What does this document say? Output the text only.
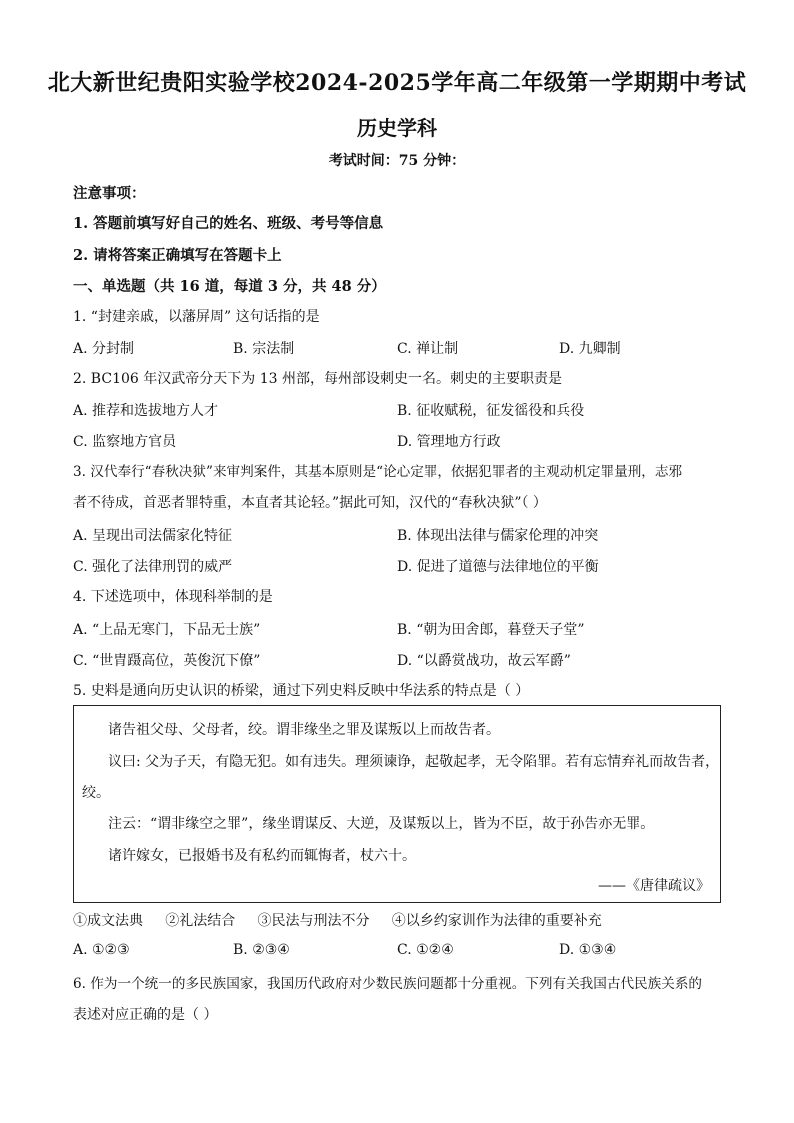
北大新世纪贵阳实验学校2024-2025学年高二年级第一学期期中考试
历史学科
考试时间：75 分钟：
注意事项：
1. 答题前填写好自己的姓名、班级、考号等信息
2. 请将答案正确填写在答题卡上
一、单选题（共 16 道，每道 3 分，共 48 分）
1. “封建亲戚，以藩屏周” 这句话指的是
A. 分封制	B. 宗法制	C. 禅让制	D. 九卿制
2. BC106 年汉武帝分天下为 13 州部，每州部设刺史一名。刺史的主要职责是
A. 推荐和选拔地方人才	B. 征收赋税，征发徭役和兵役
C. 监察地方官员	D. 管理地方行政
3. 汉代奉行“春秋决狱”来审判案件，其基本原则是“论心定罪，依据犯罪者的主观动机定罪量刑，志邪
者不待成，首恶者罪特重，本直者其论轻。”据此可知，汉代的“春秋决狱”（ ）
A. 呈现出司法儒家化特征	B. 体现出法律与儒家伦理的冲突
C. 强化了法律刑罚的威严	D. 促进了道德与法律地位的平衡
4. 下述选项中，体现科举制的是
A. “上品无寒门，下品无士族”	B. “朝为田舍郎，暮登天子堂”
C. “世胄蹑高位，英俊沉下僚”	D. “以爵赏战功，故云军爵”
5. 史料是通向历史认识的桥梁，通过下列史料反映中华法系的特点是（ ）
诸告祖父母、父母者，绞。谓非缘坐之罪及谋叛以上而故告者。
议曰: 父为子天，有隐无犯。如有违失。理须谏诤，起敬起孝，无令陷罪。若有忘情弃礼而故告者，
绞。
注云：“谓非缘空之罪”，缘坐谓谋反、大逆，及谋叛以上，皆为不臣，故于孙告亦无罪。
诸许嫁女，已报婚书及有私约而辄悔者，杖六十。
——《唐律疏议》
①成文法典     ②礼法结合     ③民法与刑法不分     ④以乡约家训作为法律的重要补充
A. ①②③	B. ②③④	C. ①②④	D. ①③④
6. 作为一个统一的多民族国家，我国历代政府对少数民族问题都十分重视。下列有关我国古代民族关系的
表述对应正确的是（ ）
